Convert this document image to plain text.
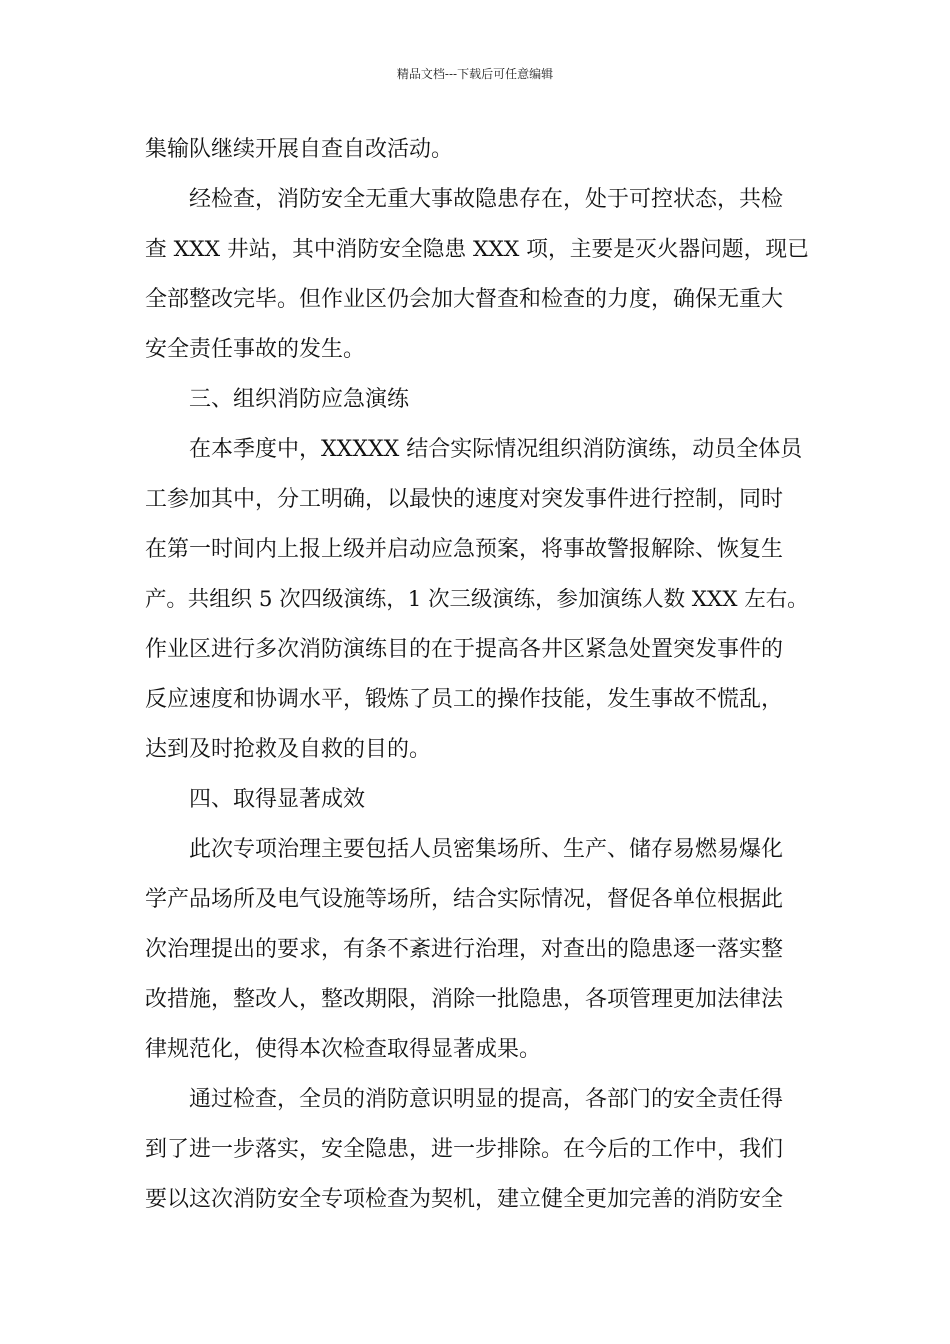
精品文档---下载后可任意编辑
集输队继续开展自查自改活动。
经检查，消防安全无重大事故隐患存在，处于可控状态，共检
查 XXX 井站，其中消防安全隐患 XXX 项，主要是灭火器问题，现已
全部整改完毕。但作业区仍会加大督查和检查的力度，确保无重大
安全责任事故的发生。
三、组织消防应急演练
在本季度中，XXXXX 结合实际情况组织消防演练，动员全体员
工参加其中，分工明确，以最快的速度对突发事件进行控制，同时
在第一时间内上报上级并启动应急预案，将事故警报解除、恢复生
产。共组织 5 次四级演练，1 次三级演练，参加演练人数 XXX 左右。
作业区进行多次消防演练目的在于提高各井区紧急处置突发事件的
反应速度和协调水平，锻炼了员工的操作技能，发生事故不慌乱，
达到及时抢救及自救的目的。
四、取得显著成效
此次专项治理主要包括人员密集场所、生产、储存易燃易爆化
学产品场所及电气设施等场所，结合实际情况，督促各单位根据此
次治理提出的要求，有条不紊进行治理，对查出的隐患逐一落实整
改措施，整改人，整改期限，消除一批隐患，各项管理更加法律法
律规范化，使得本次检查取得显著成果。
通过检查，全员的消防意识明显的提高，各部门的安全责任得
到了进一步落实，安全隐患，进一步排除。在今后的工作中，我们
要以这次消防安全专项检查为契机，建立健全更加完善的消防安全
